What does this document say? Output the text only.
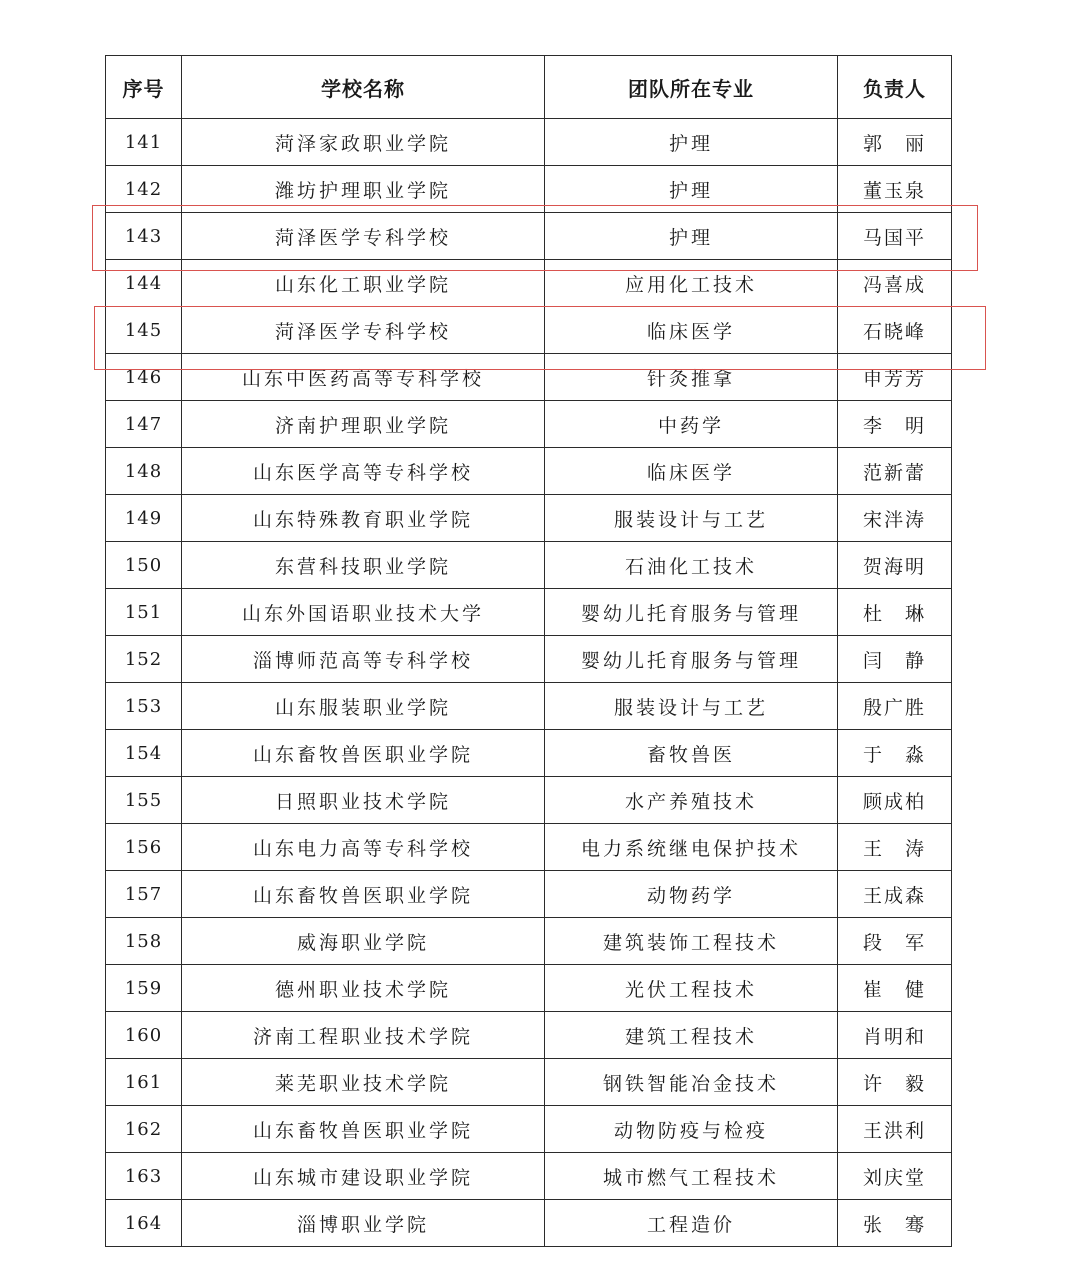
序号	学校名称	团队所在专业	负责人
141	菏泽家政职业学院	护理	郭　丽
142	潍坊护理职业学院	护理	董玉泉
143	菏泽医学专科学校	护理	马国平
144	山东化工职业学院	应用化工技术	冯喜成
145	菏泽医学专科学校	临床医学	石晓峰
146	山东中医药高等专科学校	针灸推拿	申芳芳
147	济南护理职业学院	中药学	李　明
148	山东医学高等专科学校	临床医学	范新蕾
149	山东特殊教育职业学院	服装设计与工艺	宋泮涛
150	东营科技职业学院	石油化工技术	贺海明
151	山东外国语职业技术大学	婴幼儿托育服务与管理	杜　琳
152	淄博师范高等专科学校	婴幼儿托育服务与管理	闫　静
153	山东服装职业学院	服装设计与工艺	殷广胜
154	山东畜牧兽医职业学院	畜牧兽医	于　淼
155	日照职业技术学院	水产养殖技术	顾成柏
156	山东电力高等专科学校	电力系统继电保护技术	王　涛
157	山东畜牧兽医职业学院	动物药学	王成森
158	威海职业学院	建筑装饰工程技术	段　军
159	德州职业技术学院	光伏工程技术	崔　健
160	济南工程职业技术学院	建筑工程技术	肖明和
161	莱芜职业技术学院	钢铁智能冶金技术	许　毅
162	山东畜牧兽医职业学院	动物防疫与检疫	王洪利
163	山东城市建设职业学院	城市燃气工程技术	刘庆堂
164	淄博职业学院	工程造价	张　骞
